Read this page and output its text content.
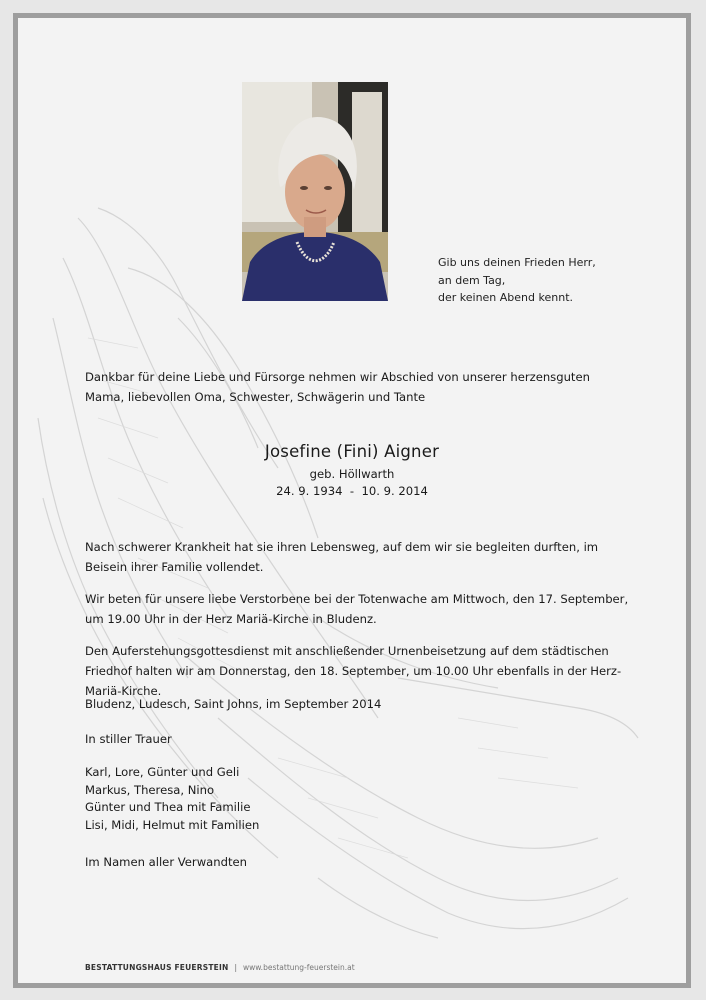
Gib uns deinen Frieden Herr,
an dem Tag,
der keinen Abend kennt.
Dankbar für deine Liebe und Fürsorge nehmen wir Abschied von unserer herzensguten Mama, liebevollen Oma, Schwester, Schwägerin und Tante
Josefine (Fini) Aigner
geb. Höllwarth
24. 9. 1934  -  10. 9. 2014
Nach schwerer Krankheit hat sie ihren Lebensweg, auf dem wir sie begleiten durften, im Beisein ihrer Familie vollendet.
Wir beten für unsere liebe Verstorbene bei der Totenwache am Mittwoch, den 17. September, um 19.00 Uhr in der Herz Mariä-Kirche in Bludenz.
Den Auferstehungsgottesdienst mit anschließender Urnenbeisetzung auf dem städtischen Friedhof halten wir am Donnerstag, den 18. September, um 10.00 Uhr ebenfalls in der Herz-Mariä-Kirche.
Bludenz, Ludesch, Saint Johns, im September 2014
In stiller Trauer
Karl, Lore, Günter und Geli
Markus, Theresa, Nino
Günter und Thea mit Familie
Lisi, Midi, Helmut mit Familien
Im Namen aller Verwandten
BESTATTUNGSHAUS FEUERSTEIN | www.bestattung-feuerstein.at
